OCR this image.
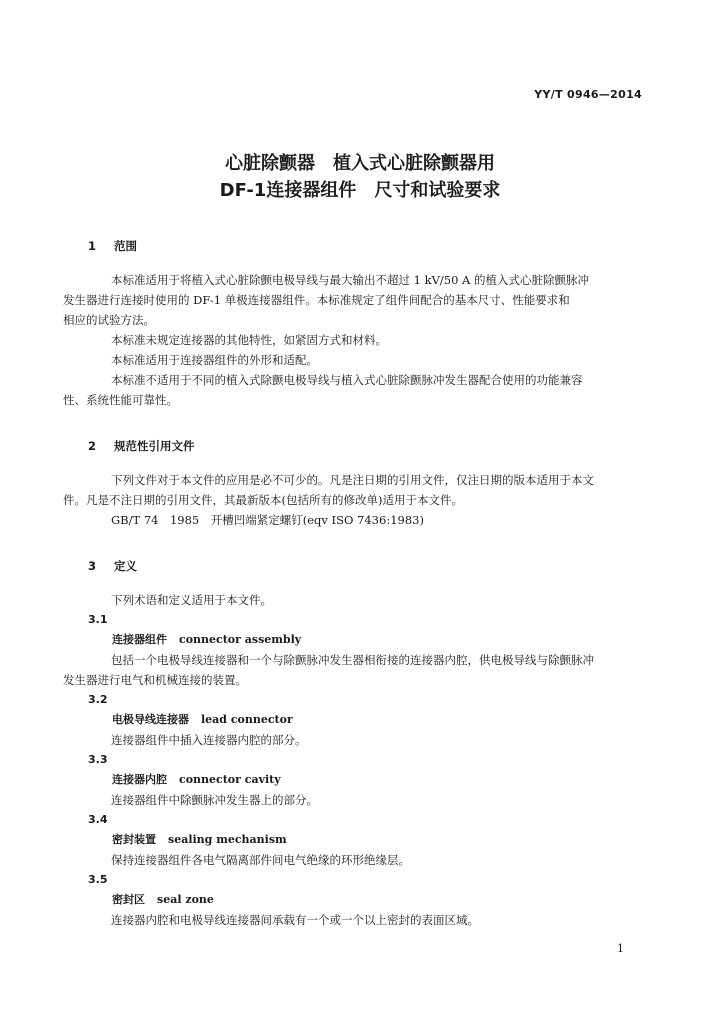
YY/T 0946—2014
心脏除颤器　植入式心脏除颤器用
DF-1连接器组件　尺寸和试验要求
1 范围
本标准适用于将植入式心脏除颤电极导线与最大输出不超过 1 kV/50 A 的植入式心脏除颤脉冲
发生器进行连接时使用的 DF-1 单极连接器组件。本标准规定了组件间配合的基本尺寸、性能要求和
相应的试验方法。
本标准未规定连接器的其他特性，如紧固方式和材料。
本标准适用于连接器组件的外形和适配。
本标准不适用于不同的植入式除颤电极导线与植入式心脏除颤脉冲发生器配合使用的功能兼容
性、系统性能可靠性。
2 规范性引用文件
下列文件对于本文件的应用是必不可少的。凡是注日期的引用文件，仅注日期的版本适用于本文
件。凡是不注日期的引用文件，其最新版本(包括所有的修改单)适用于本文件。
GB/T 74　1985　开槽凹端紧定螺钉(eqv ISO 7436:1983)
3 定义
下列术语和定义适用于本文件。
3.1
连接器组件 connector assembly
包括一个电极导线连接器和一个与除颤脉冲发生器相衔接的连接器内腔，供电极导线与除颤脉冲
发生器进行电气和机械连接的装置。
3.2
电极导线连接器 lead connector
连接器组件中插入连接器内腔的部分。
3.3
连接器内腔 connector cavity
连接器组件中除颤脉冲发生器上的部分。
3.4
密封装置 sealing mechanism
保持连接器组件各电气隔离部件间电气绝缘的环形绝缘层。
3.5
密封区 seal zone
连接器内腔和电极导线连接器间承载有一个或一个以上密封的表面区域。
1
